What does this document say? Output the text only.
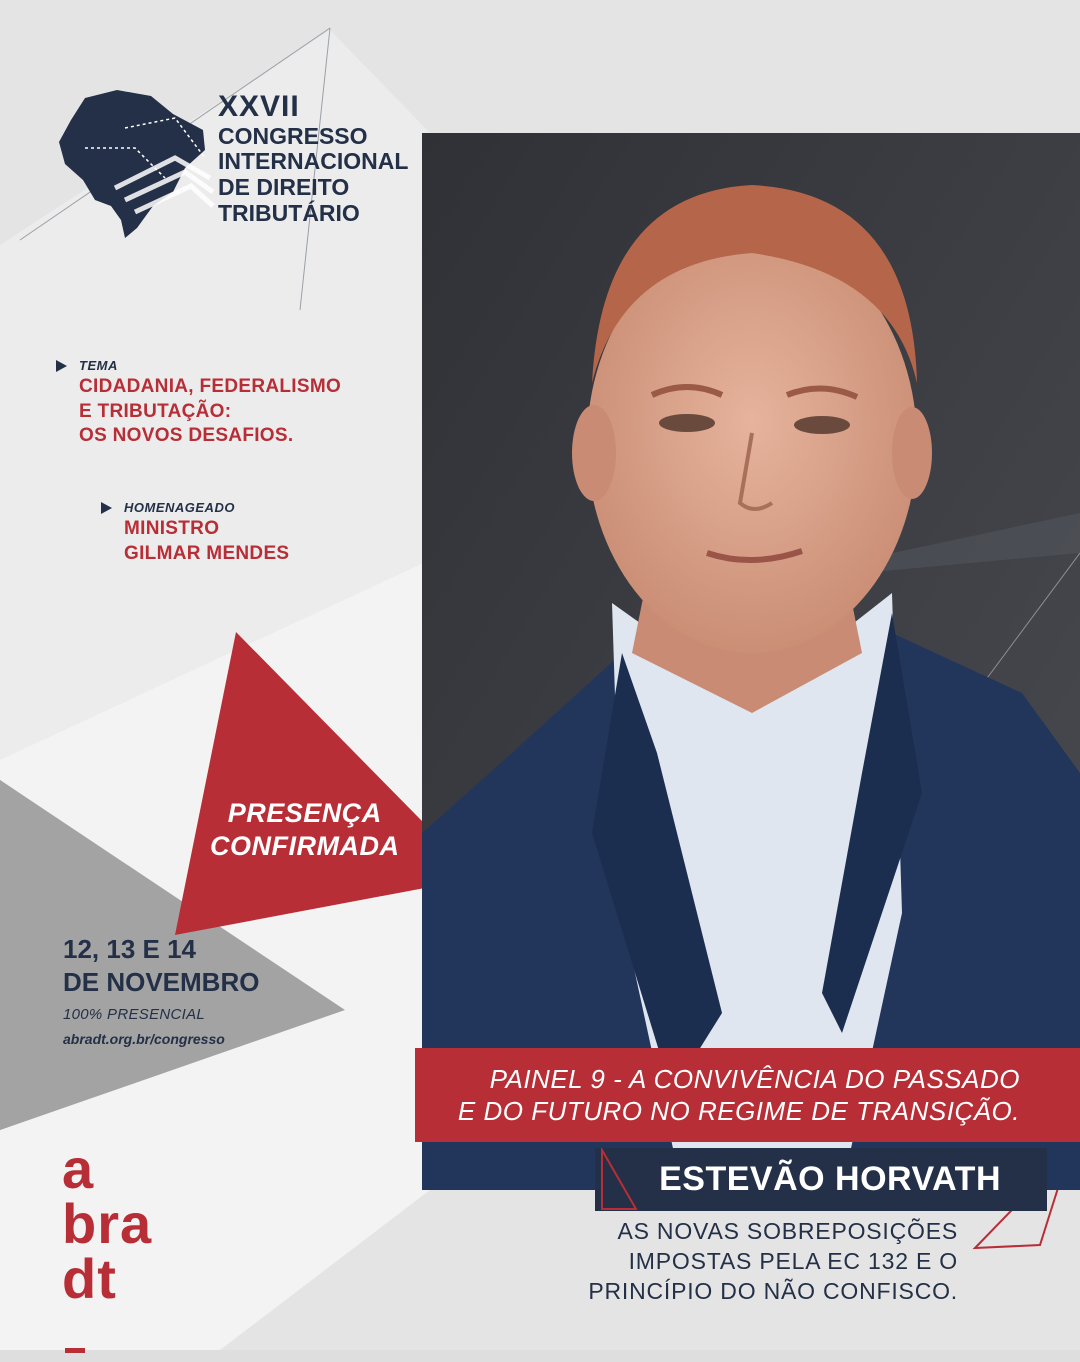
XXVII
CONGRESSO
INTERNACIONAL
DE DIREITO
TRIBUTÁRIO
TEMA
CIDADANIA, FEDERALISMO
E TRIBUTAÇÃO:
OS NOVOS DESAFIOS.
HOMENAGEADO
MINISTRO
GILMAR MENDES
PRESENÇA
CONFIRMADA
12, 13 E 14
DE NOVEMBRO
100% PRESENCIAL
abradt.org.br/congresso
PAINEL 9 - A CONVIVÊNCIA DO PASSADO
E DO FUTURO NO REGIME DE TRANSIÇÃO.
ESTEVÃO HORVATH
AS NOVAS SOBREPOSIÇÕES
IMPOSTAS PELA EC 132 E O
PRINCÍPIO DO NÃO CONFISCO.
a
bra
dt
